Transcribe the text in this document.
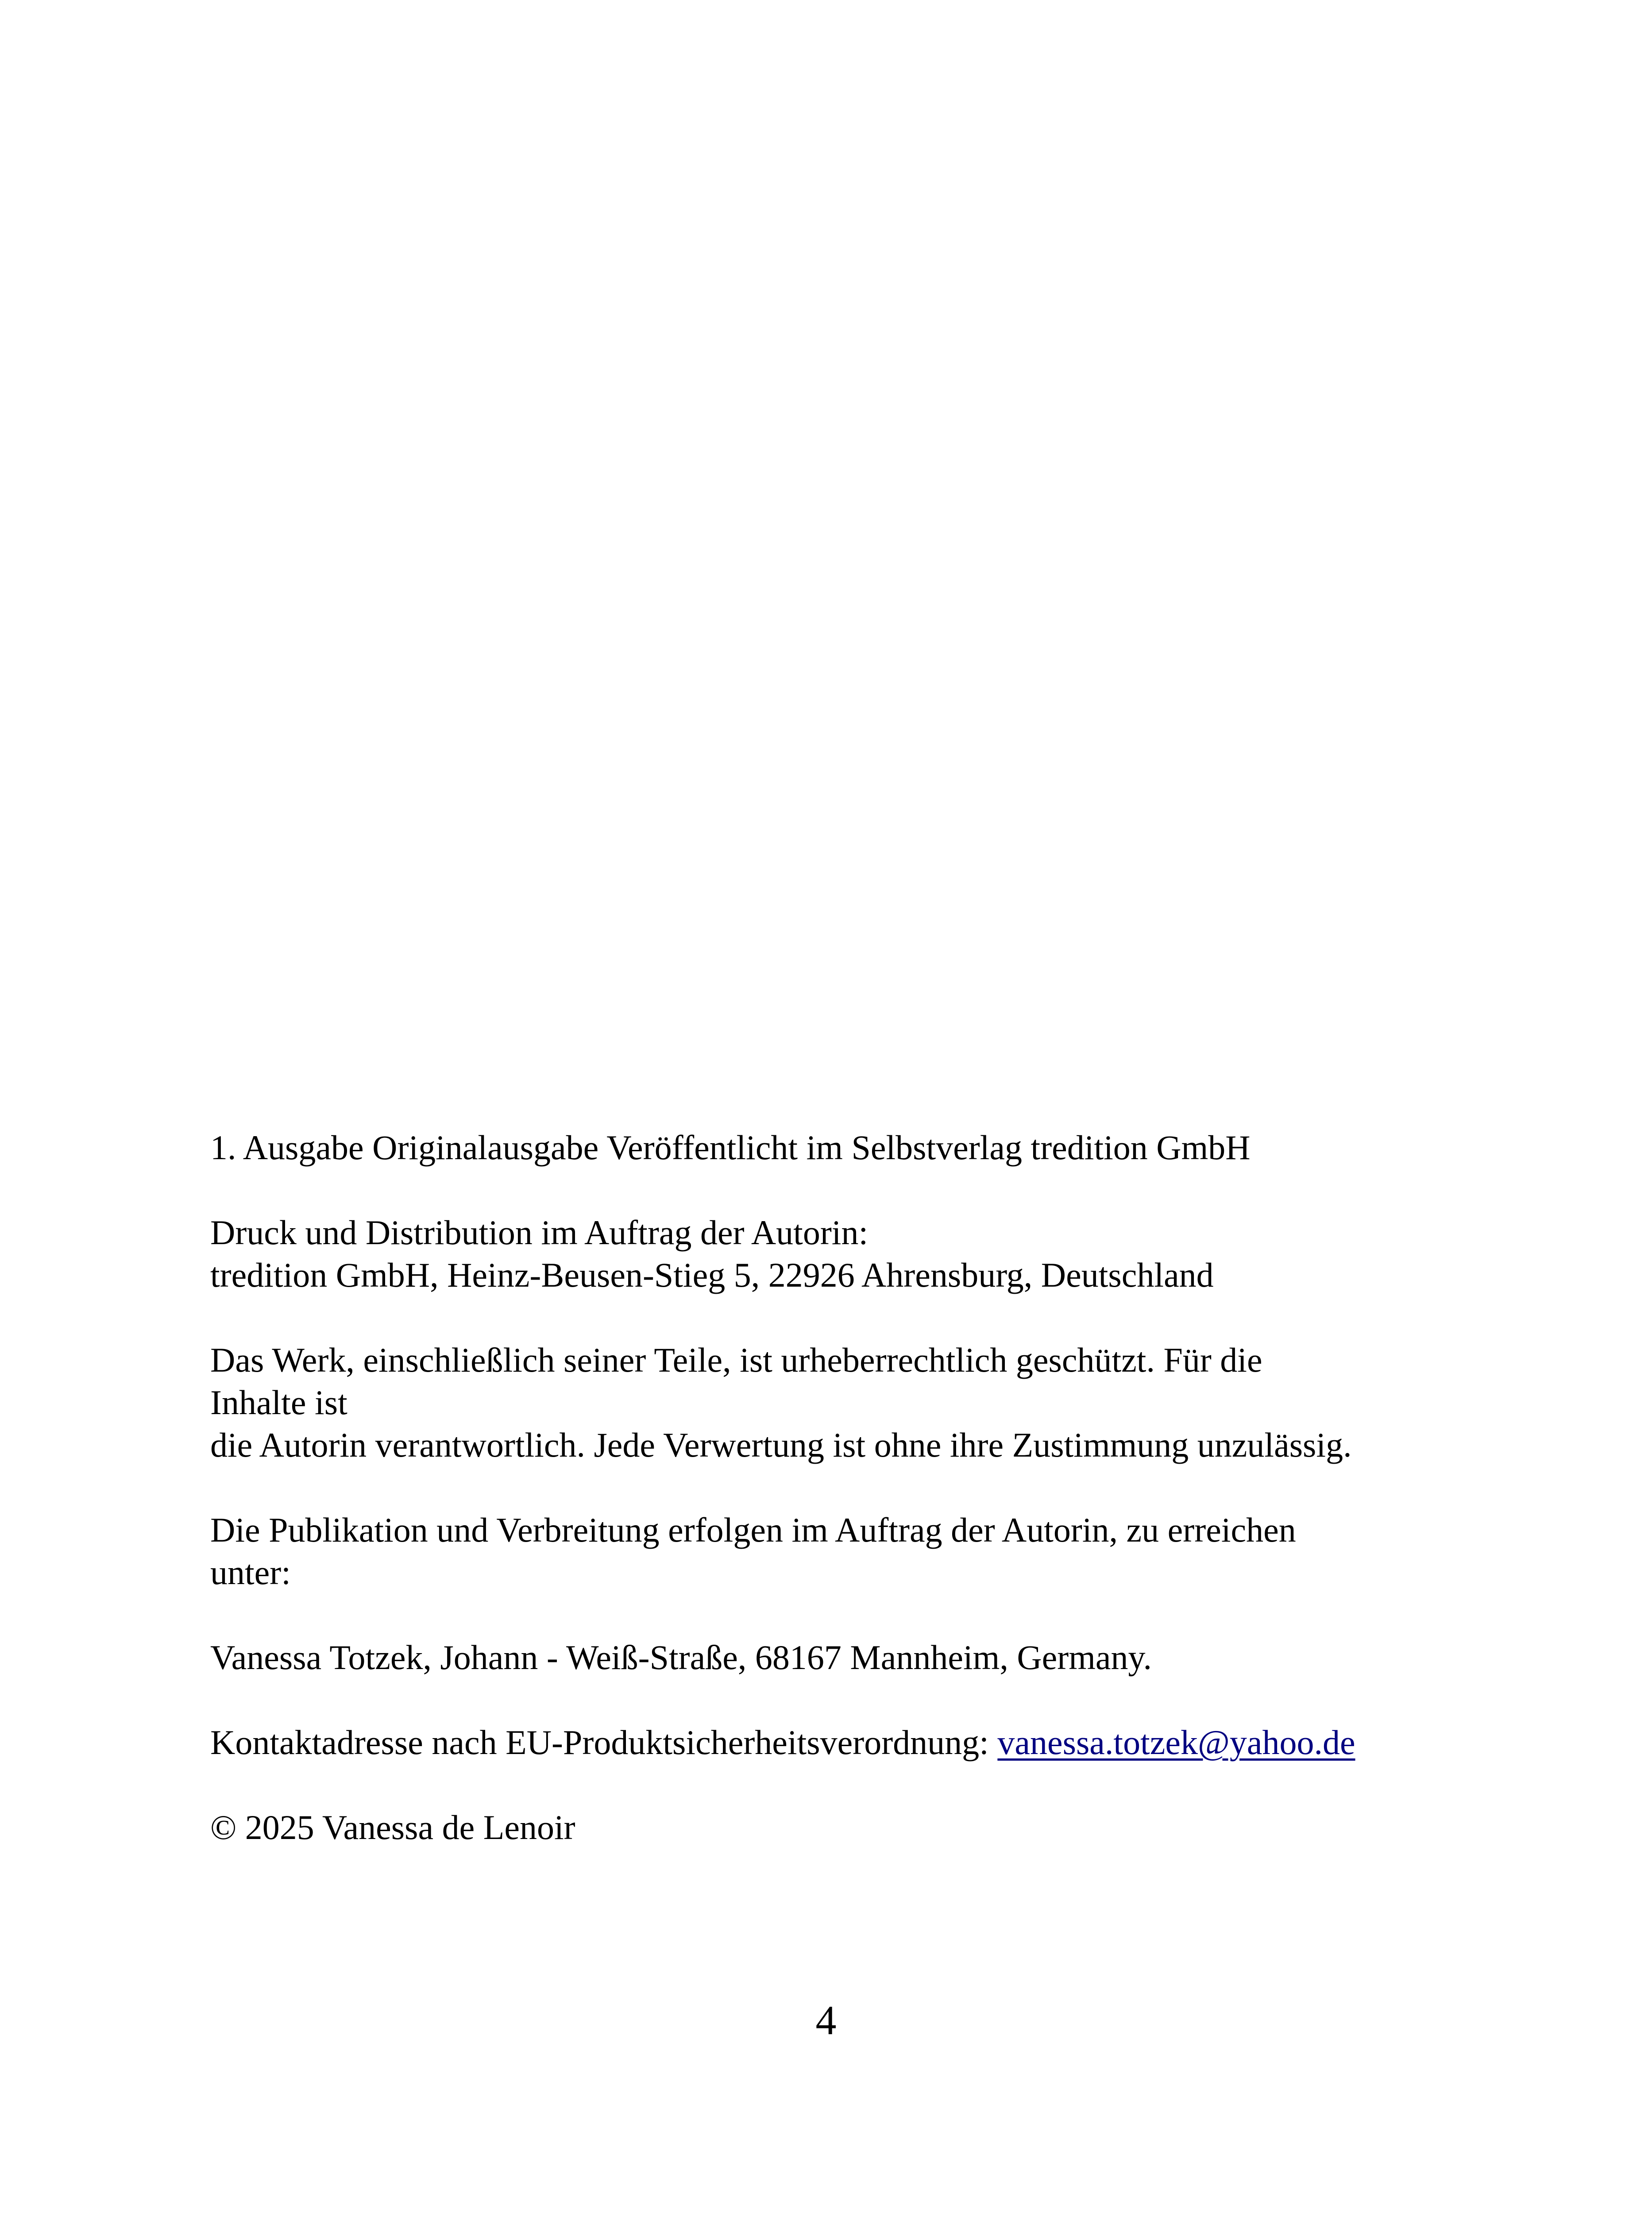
1. Ausgabe Originalausgabe Veröffentlicht im Selbstverlag tredition GmbH
Druck und Distribution im Auftrag der Autorin:
tredition GmbH, Heinz-Beusen-Stieg 5, 22926 Ahrensburg, Deutschland
Das Werk, einschließlich seiner Teile, ist urheberrechtlich geschützt. Für die
Inhalte ist
die Autorin verantwortlich. Jede Verwertung ist ohne ihre Zustimmung unzulässig.
Die Publikation und Verbreitung erfolgen im Auftrag der Autorin, zu erreichen
unter:
Vanessa Totzek, Johann - Weiß-Straße, 68167 Mannheim, Germany.
Kontaktadresse nach EU-Produktsicherheitsverordnung: vanessa.totzek@yahoo.de
© 2025 Vanessa de Lenoir
4
